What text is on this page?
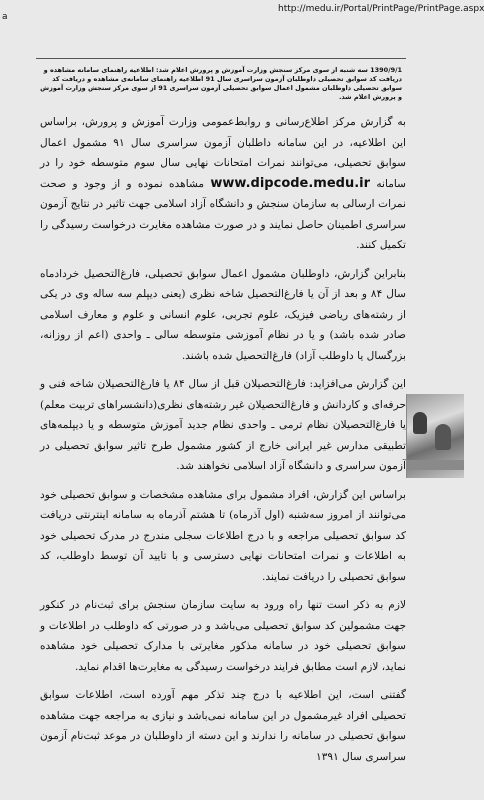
http://medu.ir/Portal/PrintPage/PrintPage.aspx
a
1390/9/1 سه شنبه از سوی مرکز سنجش وزارت آموزش و پرورش اعلام شد: اطلاعیه راهنمای سامانه مشاهده و دریافت کد سوابق تحصیلی داوطلبان آزمون سراسری سال 91 اطلاعیه راهنمای سامانه‌ی مشاهده و دریافت کد سوابق تحصیلی داوطلبان مشمول اعمال سوابق تحصیلی آزمون سراسری 91 از سوی مرکز سنجش وزارت آموزش و پرورش اعلام شد.

به گزارش مرکز اطلاع‌رسانی و روابط‌عمومی وزارت آموزش و پرورش، براساس این اطلاعیه، در این سامانه داطلبان آزمون سراسری سال ۹۱ مشمول اعمال سوابق تحصیلی، می‌توانند نمرات امتحانات نهایی سال سوم متوسطه خود را در سامانه www.dipcode.medu.ir مشاهده نموده و از وجود و صحت نمرات ارسالی به سازمان سنجش و دانشگاه آزاد اسلامی جهت تاثیر در نتایج آزمون سراسری اطمینان حاصل نمایند و در صورت مشاهده مغایرت درخواست رسیدگی را تکمیل کنند.

بنابراین گزارش، داوطلبان مشمول اعمال سوابق تحصیلی، فارغ‌التحصیل خرداد‌ماه سال ۸۴ و بعد از آن یا فارغ‌التحصیل شاخه نظری (یعنی دیپلم سه ساله وی در یکی از رشته‌های ریاضی فیزیک، علوم تجربی، علوم انسانی و علوم و معارف اسلامی صادر شده باشد) و یا در نظام آموزشی متوسطه سالی ـ واحدی (اعم از روزانه، بزرگسال یا داوطلب آزاد) فارغ‌التحصیل شده باشند.

این گزارش می‌افزاید: فارغ‌التحصیلان قبل از سال ۸۴ یا فارغ‌التحصیلان شاخه فنی و حرفه‌ای و کاردانش و فارغ‌التحصیلان غیر رشته‌های نظری(دانشسراهای تربیت معلم) یا فارغ‌التحصیلان نظام ترمی ـ واحدی نظام جدید آموزش متوسطه و یا دیپلمه‌های تطبیقی مدارس غیر ایرانی خارج از کشور مشمول طرح تاثیر سوابق تحصیلی در آزمون سراسری و دانشگاه آزاد اسلامی نخواهند شد.

براساس این گزارش، افراد مشمول برای مشاهده مشخصات و سوابق تحصیلی خود می‌توانند از امروز سه‌شنبه (اول آذرماه) تا هشتم آذرماه به سامانه اینترنتی دریافت کد سوابق تحصیلی مراجعه و با درج اطلاعات سجلی مندرج در مدرک تحصیلی خود به اطلاعات و نمرات امتحانات نهایی دسترسی و با تایید آن توسط داوطلب، کد سوابق تحصیلی را دریافت نمایند.

لازم به ذکر است تنها راه ورود به سایت سازمان سنجش برای ثبت‌نام در کنکور جهت مشمولین کد سوابق تحصیلی می‌باشد و در صورتی که داوطلب در اطلاعات و سوابق تحصیلی خود در سامانه مذکور مغایرتی با مدارک تحصیلی خود مشاهده نماید، لازم است مطابق فرایند درخواست رسیدگی به مغایرت‌ها اقدام نماید.

گفتنی است، این اطلاعیه با درج چند تذکر مهم آورده است، اطلاعات سوابق تحصیلی افراد غیرمشمول در این سامانه نمی‌باشد و نیازی به مراجعه جهت مشاهده سوابق تحصیلی در سامانه را ندارند و این دسته از داوطلبان در موعد ثبت‌نام آزمون سراسری سال ۱۳۹۱
